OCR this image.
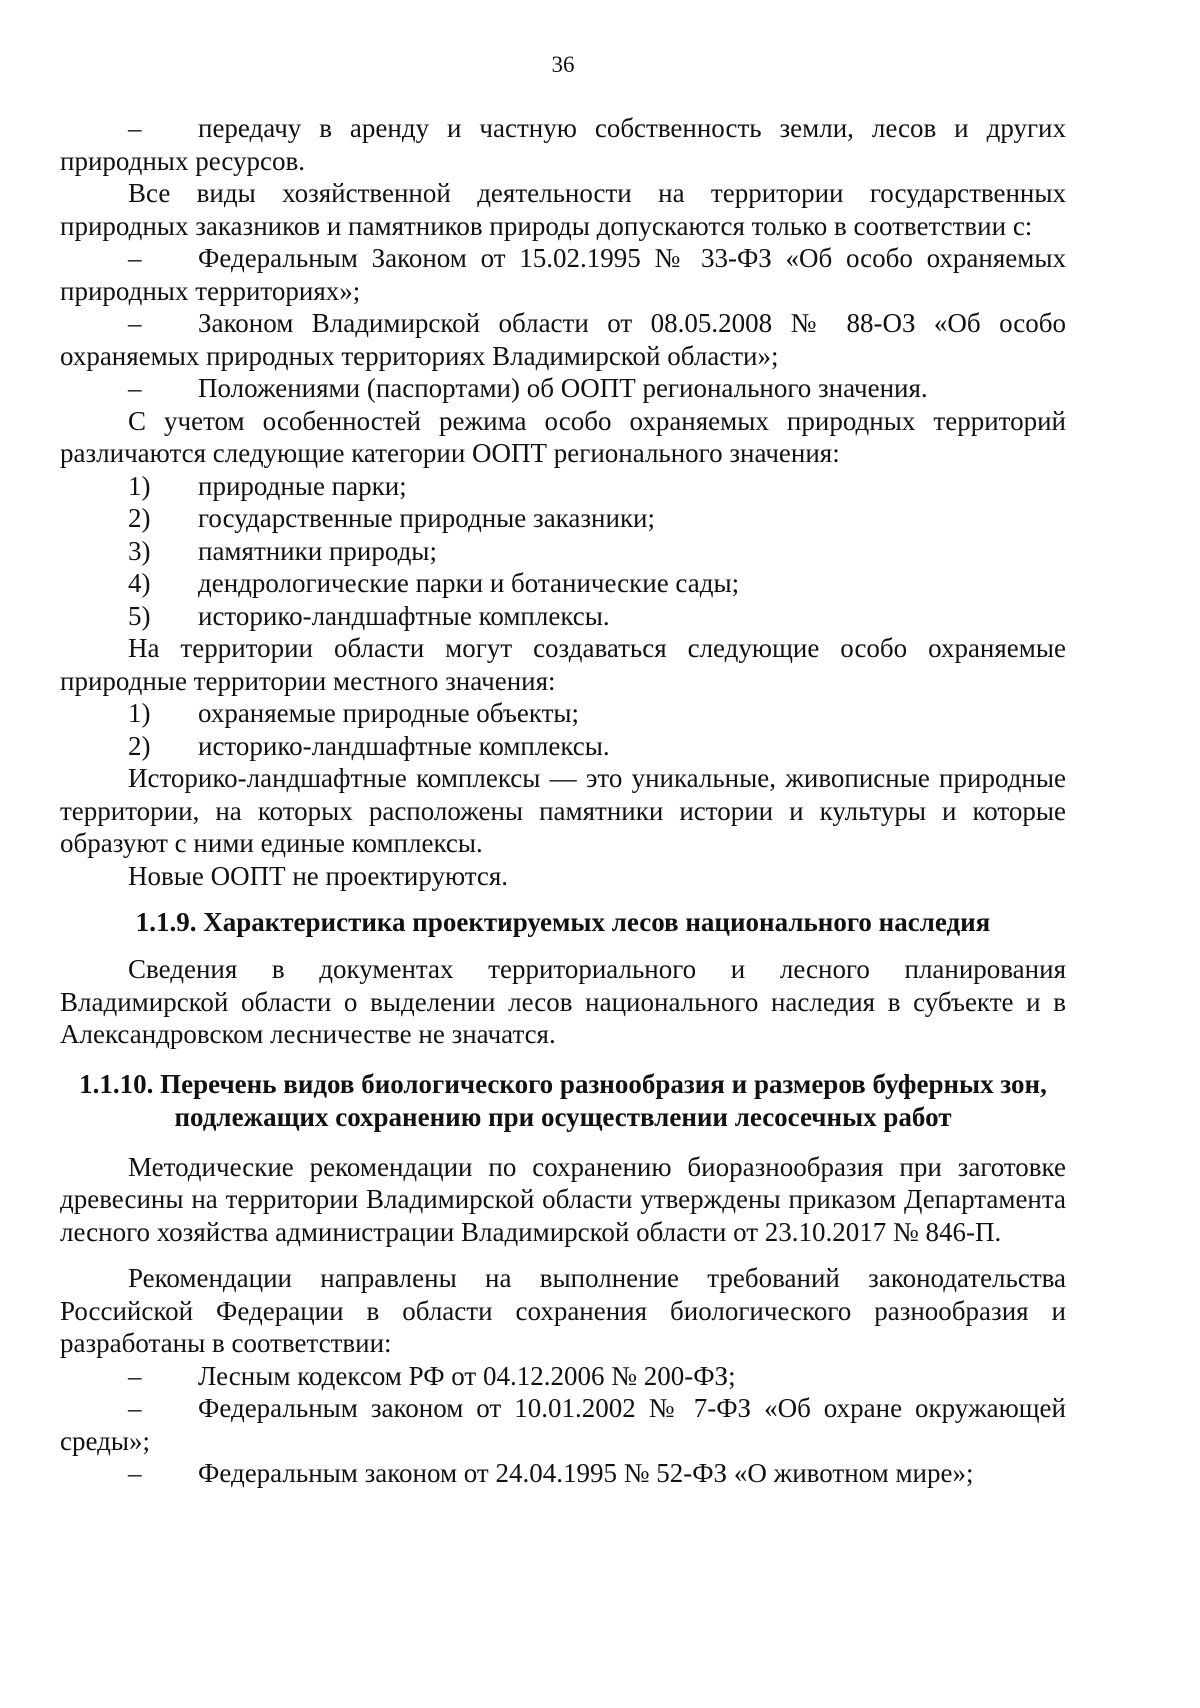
36

– передачу в аренду и частную собственность земли, лесов и других природных ресурсов.

Все виды хозяйственной деятельности на территории государственных природных заказников и памятников природы допускаются только в соответствии с:

– Федеральным Законом от 15.02.1995 № 33-ФЗ «Об особо охраняемых природных территориях»;

– Законом Владимирской области от 08.05.2008 № 88-ОЗ «Об особо охраняемых природных территориях Владимирской области»;

– Положениями (паспортами) об ООПТ регионального значения.

С учетом особенностей режима особо охраняемых природных территорий различаются следующие категории ООПТ регионального значения:

1) природные парки;

2) государственные природные заказники;

3) памятники природы;

4) дендрологические парки и ботанические сады;

5) историко-ландшафтные комплексы.

На территории области могут создаваться следующие особо охраняемые природные территории местного значения:

1) охраняемые природные объекты;

2) историко-ландшафтные комплексы.

Историко-ландшафтные комплексы — это уникальные, живописные природные территории, на которых расположены памятники истории и культуры и которые образуют с ними единые комплексы.

Новые ООПТ не проектируются.

1.1.9. Характеристика проектируемых лесов национального наследия

Сведения в документах территориального и лесного планирования Владимирской области о выделении лесов национального наследия в субъекте и в Александровском лесничестве не значатся.

1.1.10. Перечень видов биологического разнообразия и размеров буферных зон, подлежащих сохранению при осуществлении лесосечных работ

Методические рекомендации по сохранению биоразнообразия при заготовке древесины на территории Владимирской области утверждены приказом Департамента лесного хозяйства администрации Владимирской области от 23.10.2017 № 846-П.

Рекомендации направлены на выполнение требований законодательства Российской Федерации в области сохранения биологического разнообразия и разработаны в соответствии:

– Лесным кодексом РФ от 04.12.2006 № 200-ФЗ;

– Федеральным законом от 10.01.2002 № 7-ФЗ «Об охране окружающей среды»;

– Федеральным законом от 24.04.1995 № 52-ФЗ «О животном мире»;
